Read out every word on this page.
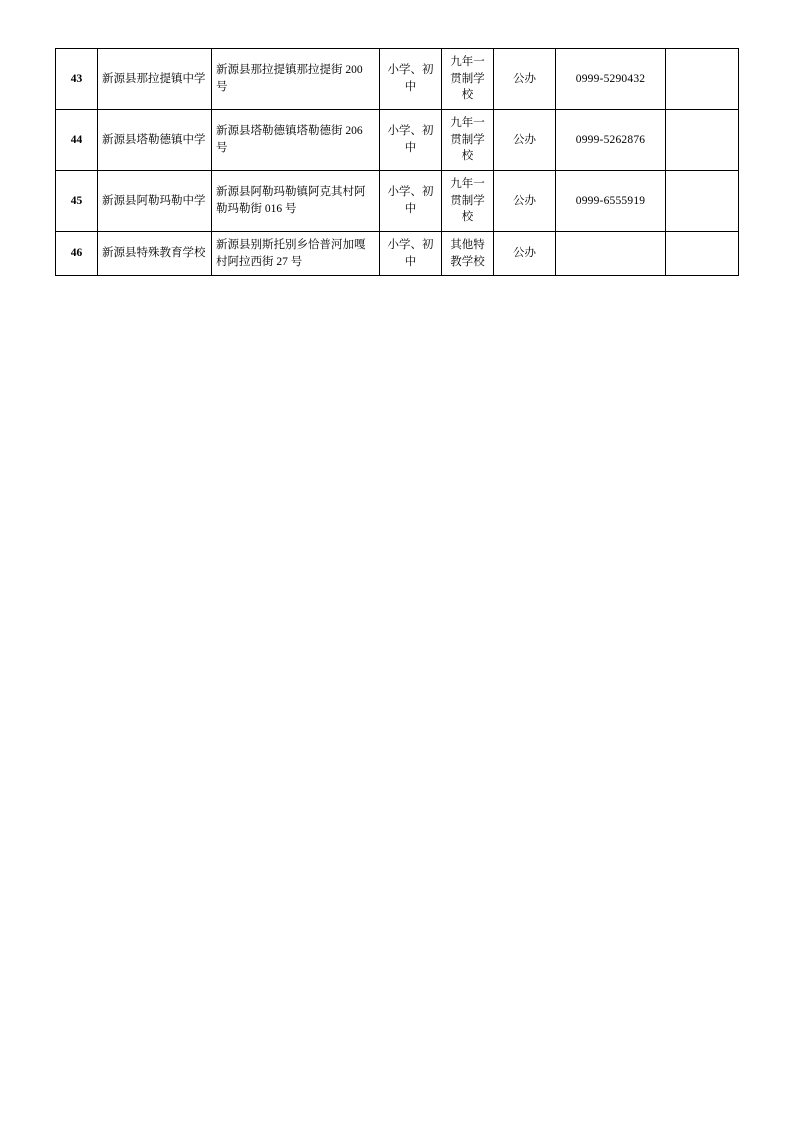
43	新源县那拉提镇中学	新源县那拉提镇那拉提街 200 号	小学、初中	九年一贯制学校	公办	0999-5290432	
44	新源县塔勒德镇中学	新源县塔勒德镇塔勒德街 206 号	小学、初中	九年一贯制学校	公办	0999-5262876	
45	新源县阿勒玛勒中学	新源县阿勒玛勒镇阿克其村阿勒玛勒街 016 号	小学、初中	九年一贯制学校	公办	0999-6555919	
46	新源县特殊教育学校	新源县别斯托别乡恰普河加嘎村阿拉西街 27 号	小学、初中	其他特教学校	公办		
